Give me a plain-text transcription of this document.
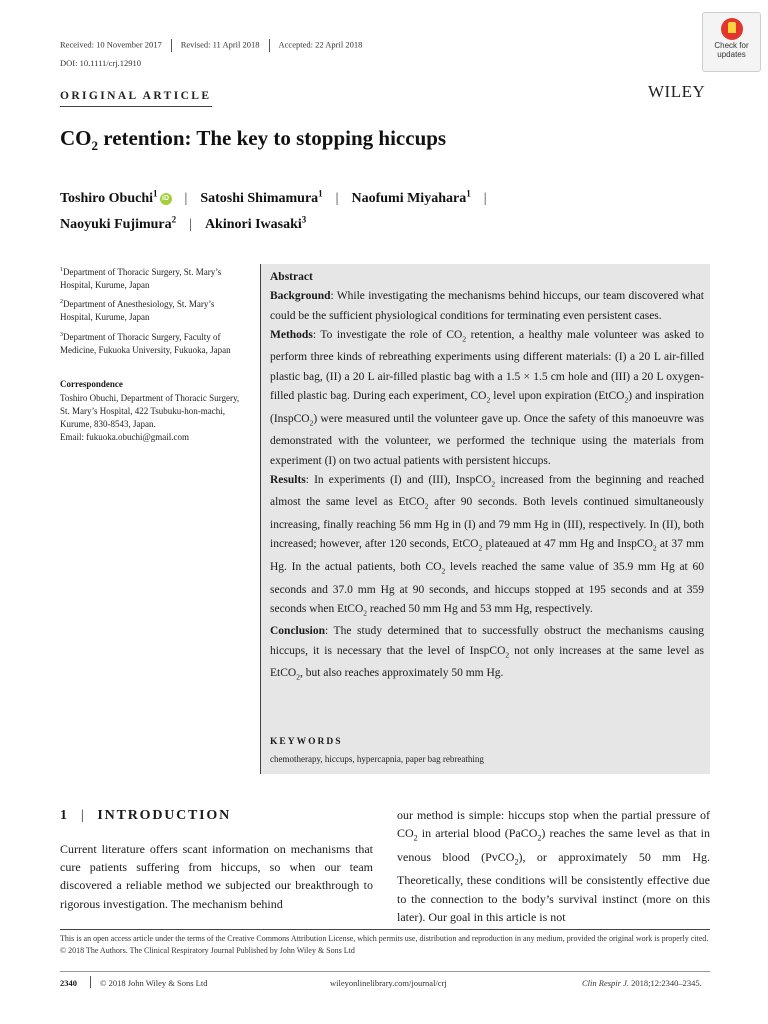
Received: 10 November 2017 Revised: 11 April 2018 Accepted: 22 April 2018
DOI: 10.1111/crj.12910
Check for
updates
ORIGINAL ARTICLE	WILEY
$CO_2$ retention: The key to stopping hiccups
Toshiro Obuchi$^1$iD | Satoshi Shimamura$^1$ | Naofumi Miyahara$^1$ |
Naoyuki Fujimura$^2$ | Akinori Iwasaki$^3$
$^1$Department of Thoracic Surgery, St. Mary’s Hospital, Kurume, Japan
$^2$Department of Anesthesiology, St. Mary’s Hospital, Kurume, Japan
$^3$Department of Thoracic Surgery, Faculty of Medicine, Fukuoka University, Fukuoka, Japan
Correspondence
Toshiro Obuchi, Department of Thoracic Surgery, St. Mary’s Hospital, 422 Tsubuku-hon-machi, Kurume, 830-8543, Japan.
Email: fukuoka.obuchi@gmail.com

Abstract

Background: While investigating the mechanisms behind hiccups, our team discovered what could be the sufficient physiological conditions for terminating even persistent cases.

Methods: To investigate the role of $CO_2$ retention, a healthy male volunteer was asked to perform three kinds of rebreathing experiments using different materials: (I) a 20 L air-filled plastic bag, (II) a 20 L air-filled plastic bag with a 1.5 × 1.5 cm hole and (III) a 20 L oxygen-filled plastic bag. During each experiment, $CO_2$ level upon expiration (EtCO$_2$) and inspiration (InspCO$_2$) were measured until the volunteer gave up. Once the safety of this manoeuvre was demonstrated with the volunteer, we performed the technique using the materials from experiment (I) on two actual patients with persistent hiccups.

Results: In experiments (I) and (III), InspCO$_2$ increased from the beginning and reached almost the same level as EtCO$_2$ after 90 seconds. Both levels continued simultaneously increasing, finally reaching 56 mm Hg in (I) and 79 mm Hg in (III), respectively. In (II), both increased; however, after 120 seconds, EtCO$_2$ plateaued at 47 mm Hg and InspCO$_2$ at 37 mm Hg. In the actual patients, both $CO_2$ levels reached the same value of 35.9 mm Hg at 60 seconds and 37.0 mm Hg at 90 seconds, and hiccups stopped at 195 seconds and at 359 seconds when EtCO$_2$ reached 50 mm Hg and 53 mm Hg, respectively.

Conclusion: The study determined that to successfully obstruct the mechanisms causing hiccups, it is necessary that the level of InspCO$_2$ not only increases at the same level as EtCO$_2$, but also reaches approximately 50 mm Hg.

KEYWORDS
chemotherapy, hiccups, hypercapnia, paper bag rebreathing
1 | INTRODUCTION
Current literature offers scant information on mechanisms that cure patients suffering from hiccups, so when our team discovered a reliable method we subjected our breakthrough to rigorous investigation. The mechanism behind
our method is simple: hiccups stop when the partial pressure of $CO_2$ in arterial blood (PaCO$_2$) reaches the same level as that in venous blood (PvCO$_2$), or approximately 50 mm Hg. Theoretically, these conditions will be consistently effective due to the connection to the body’s survival instinct (more on this later). Our goal in this article is not

This is an open access article under the terms of the Creative Commons Attribution License, which permits use, distribution and reproduction in any medium, provided the original work is properly cited.

© 2018 The Authors. The Clinical Respiratory Journal Published by John Wiley & Sons Ltd

2340	© 2018 John Wiley & Sons Ltd	wileyonlinelibrary.com/journal/crj	Clin Respir J. 2018;12:2340–2345.
